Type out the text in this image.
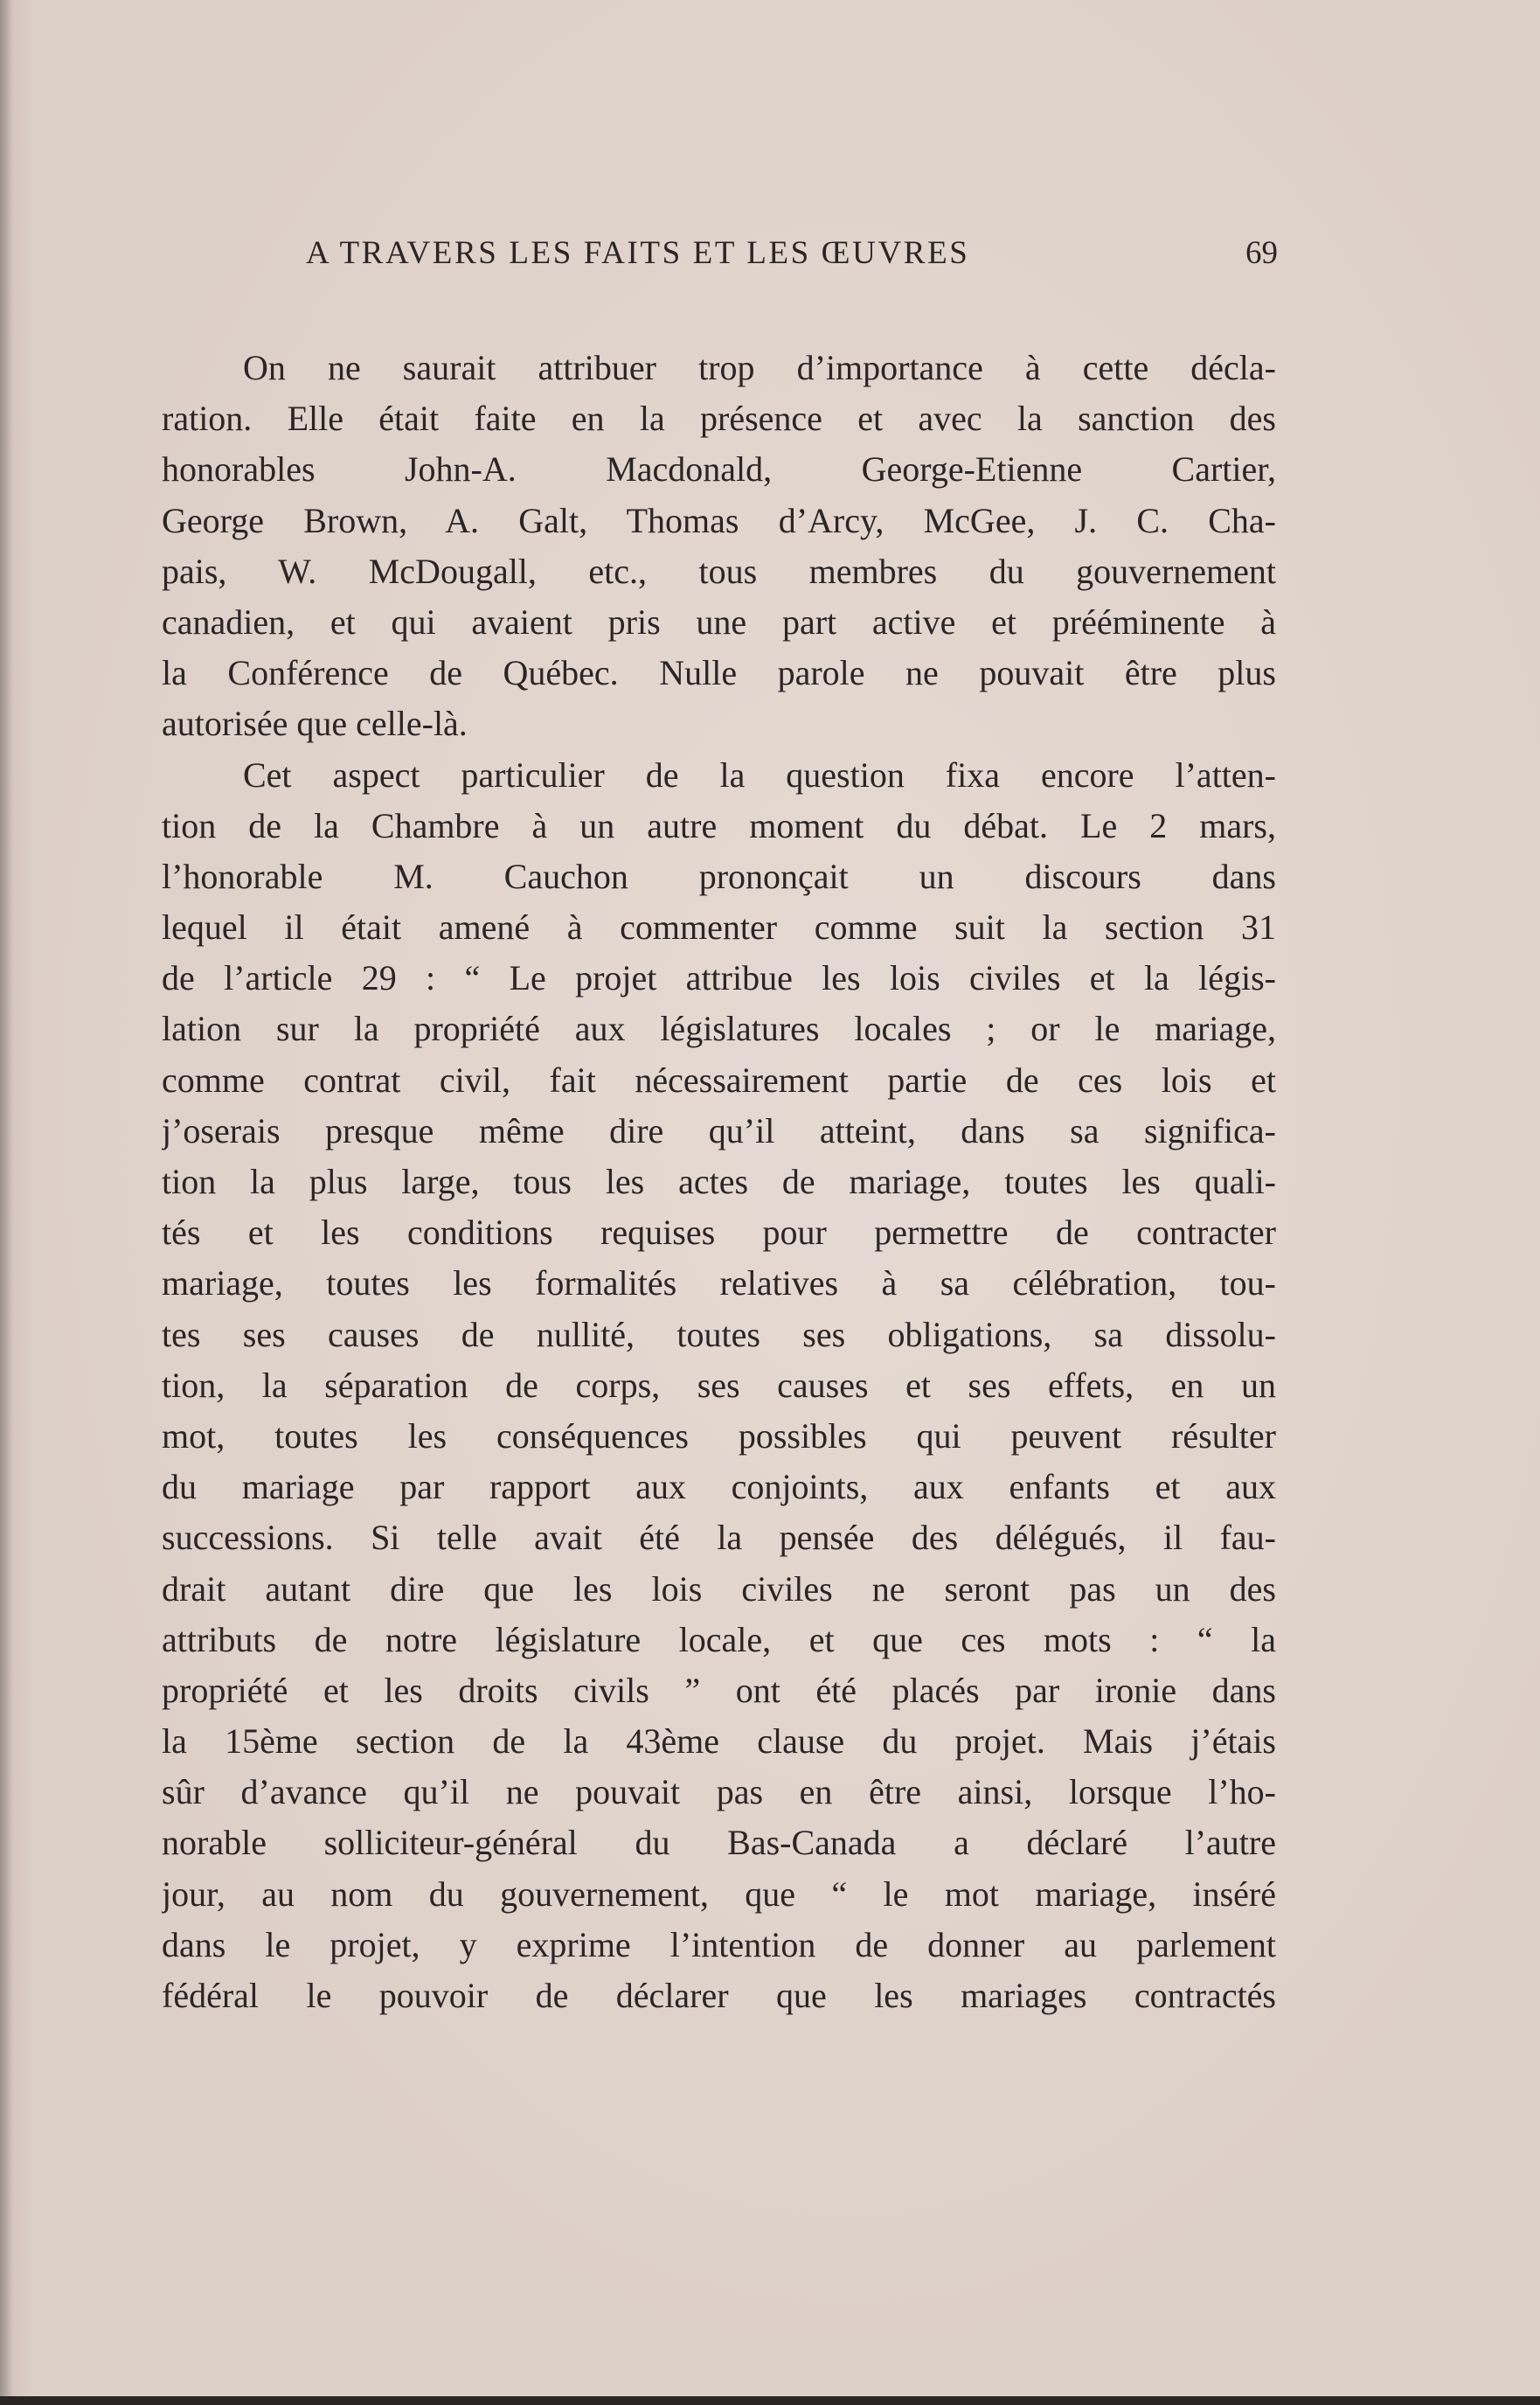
A TRAVERS LES FAITS ET LES ŒUVRES	69
On ne saurait attribuer trop d’importance à cette décla-
ration. Elle était faite en la présence et avec la sanction des
honorables John-A. Macdonald, George-Etienne Cartier,
George Brown, A. Galt, Thomas d’Arcy, McGee, J. C. Cha-
pais, W. McDougall, etc., tous membres du gouvernement
canadien, et qui avaient pris une part active et prééminente à
la Conférence de Québec. Nulle parole ne pouvait être plus
autorisée que celle-là.
Cet aspect particulier de la question fixa encore l’atten-
tion de la Chambre à un autre moment du débat. Le 2 mars,
l’honorable M. Cauchon prononçait un discours dans
lequel il était amené à commenter comme suit la section 31
de l’article 29 : “ Le projet attribue les lois civiles et la légis-
lation sur la propriété aux législatures locales ; or le mariage,
comme contrat civil, fait nécessairement partie de ces lois et
j’oserais presque même dire qu’il atteint, dans sa significa-
tion la plus large, tous les actes de mariage, toutes les quali-
tés et les conditions requises pour permettre de contracter
mariage, toutes les formalités relatives à sa célébration, tou-
tes ses causes de nullité, toutes ses obligations, sa dissolu-
tion, la séparation de corps, ses causes et ses effets, en un
mot, toutes les conséquences possibles qui peuvent résulter
du mariage par rapport aux conjoints, aux enfants et aux
successions. Si telle avait été la pensée des délégués, il fau-
drait autant dire que les lois civiles ne seront pas un des
attributs de notre législature locale, et que ces mots : “ la
propriété et les droits civils ” ont été placés par ironie dans
la 15ème section de la 43ème clause du projet. Mais j’étais
sûr d’avance qu’il ne pouvait pas en être ainsi, lorsque l’ho-
norable solliciteur-général du Bas-Canada a déclaré l’autre
jour, au nom du gouvernement, que “ le mot mariage, inséré
dans le projet, y exprime l’intention de donner au parlement
fédéral le pouvoir de déclarer que les mariages contractés
